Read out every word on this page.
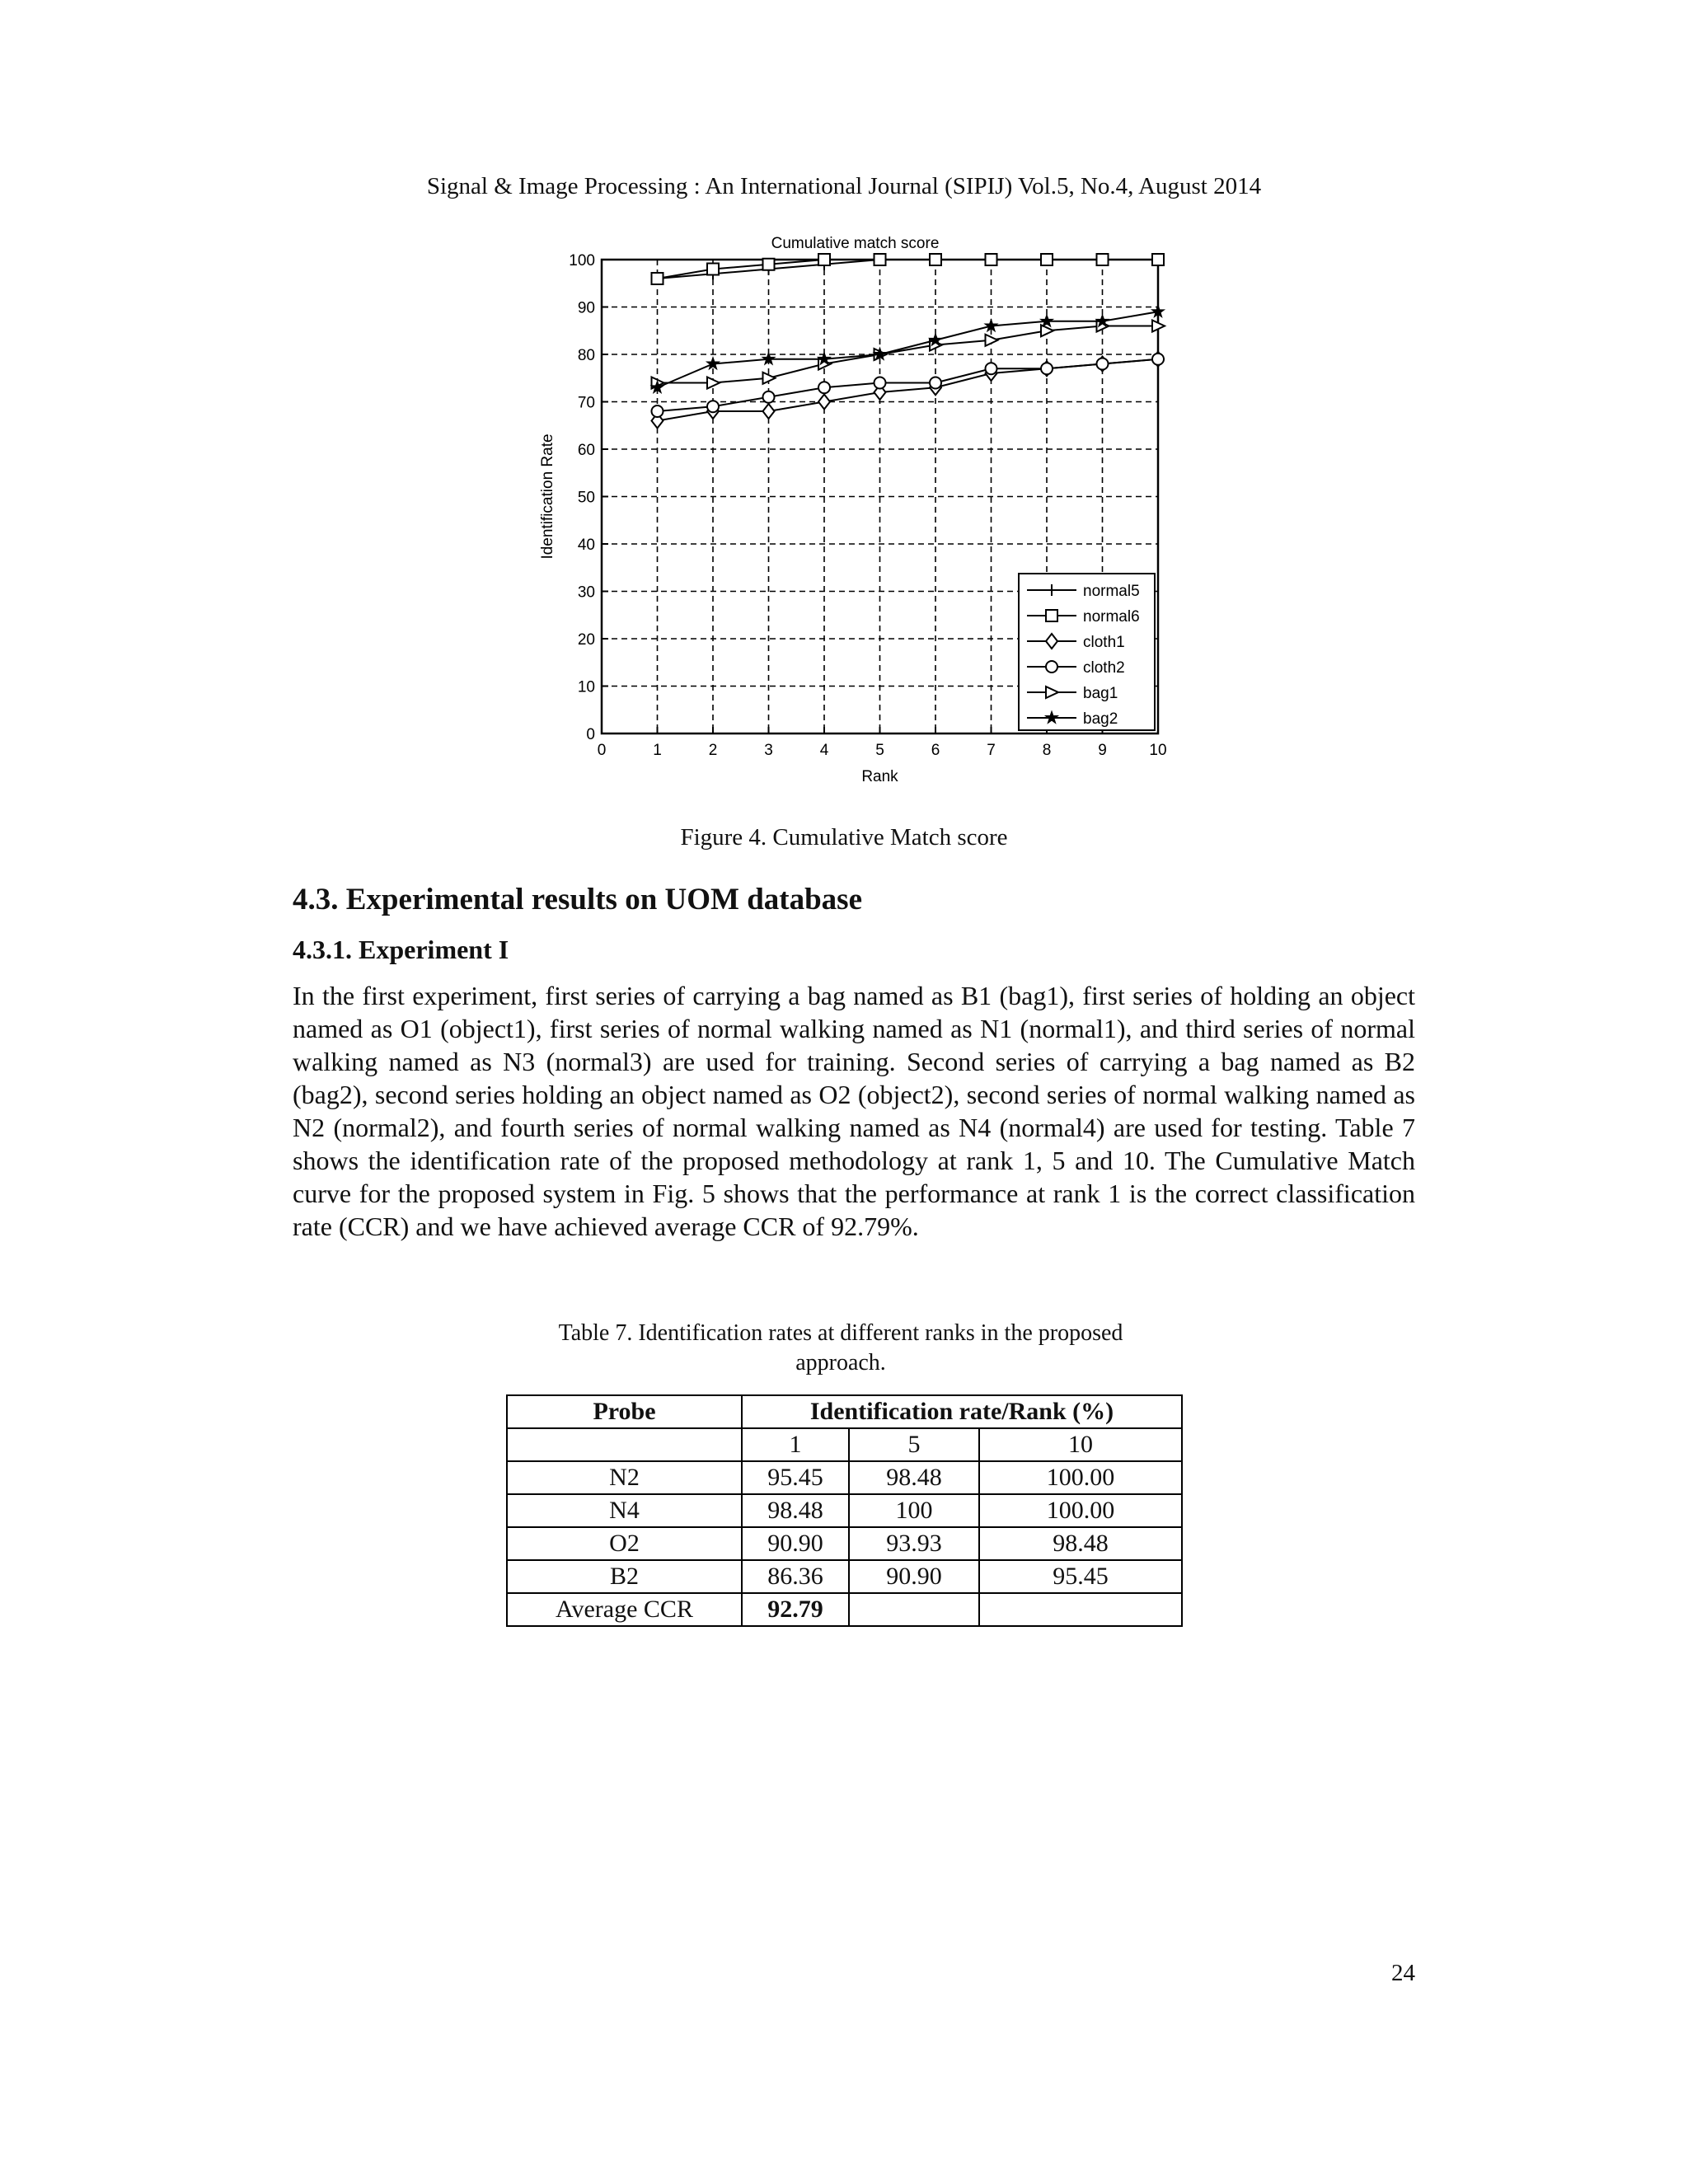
Signal & Image Processing : An International Journal (SIPIJ) Vol.5, No.4, August 2014
0	1	2	3	4	5	6	7	8	9	10
0
10
20
30
40
50
60
70
80
90
100
Cumulative match score
Rank
Identification Rate
normal5
normal6
cloth1
cloth2
bag1
bag2
Figure 4. Cumulative Match score
4.3. Experimental results on UOM database
4.3.1. Experiment I
In the first experiment, first series of carrying a bag named as B1 (bag1), first series of holding an object named as O1 (object1), first series of normal walking named as N1 (normal1), and third series of normal walking named as N3 (normal3) are used for training. Second series of carrying a bag named as B2 (bag2), second series holding an object named as O2 (object2), second series of normal walking named as N2 (normal2), and fourth series of normal walking named as N4 (normal4) are used for testing. Table 7 shows the identification rate of the proposed methodology at rank 1, 5 and 10. The Cumulative Match curve for the proposed system in Fig. 5 shows that the performance at rank 1 is the correct classification rate (CCR) and we have achieved average CCR of 92.79%.
Table 7. Identification rates at different ranks in the proposed approach.
Probe	Identification rate/Rank (%)		
	1	5	10
N2	95.45	98.48	100.00
N4	98.48	100	100.00
O2	90.90	93.93	98.48
B2	86.36	90.90	95.45
Average CCR	92.79		
24
